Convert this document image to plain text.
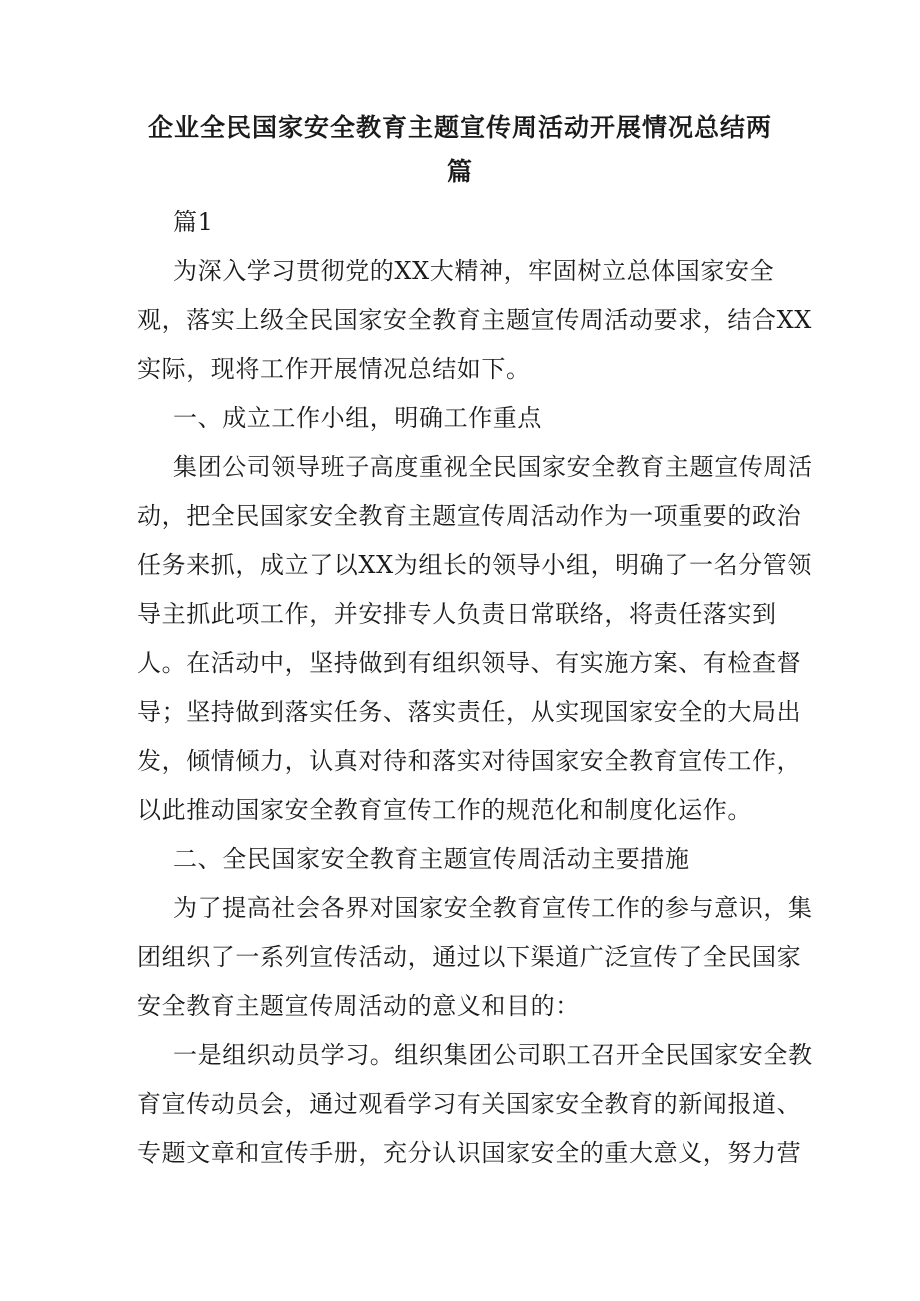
企业全民国家安全教育主题宣传周活动开展情况总结两
篇
篇1
为深入学习贯彻党的XX大精神，牢固树立总体国家安全
观，落实上级全民国家安全教育主题宣传周活动要求，结合XX
实际，现将工作开展情况总结如下。
一、成立工作小组，明确工作重点
集团公司领导班子高度重视全民国家安全教育主题宣传周活
动，把全民国家安全教育主题宣传周活动作为一项重要的政治
任务来抓，成立了以XX为组长的领导小组，明确了一名分管领
导主抓此项工作，并安排专人负责日常联络，将责任落实到
人。在活动中，坚持做到有组织领导、有实施方案、有检查督
导；坚持做到落实任务、落实责任，从实现国家安全的大局出
发，倾情倾力，认真对待和落实对待国家安全教育宣传工作，
以此推动国家安全教育宣传工作的规范化和制度化运作。
二、全民国家安全教育主题宣传周活动主要措施
为了提高社会各界对国家安全教育宣传工作的参与意识，集
团组织了一系列宣传活动，通过以下渠道广泛宣传了全民国家
安全教育主题宣传周活动的意义和目的：
一是组织动员学习。组织集团公司职工召开全民国家安全教
育宣传动员会，通过观看学习有关国家安全教育的新闻报道、
专题文章和宣传手册，充分认识国家安全的重大意义，努力营
